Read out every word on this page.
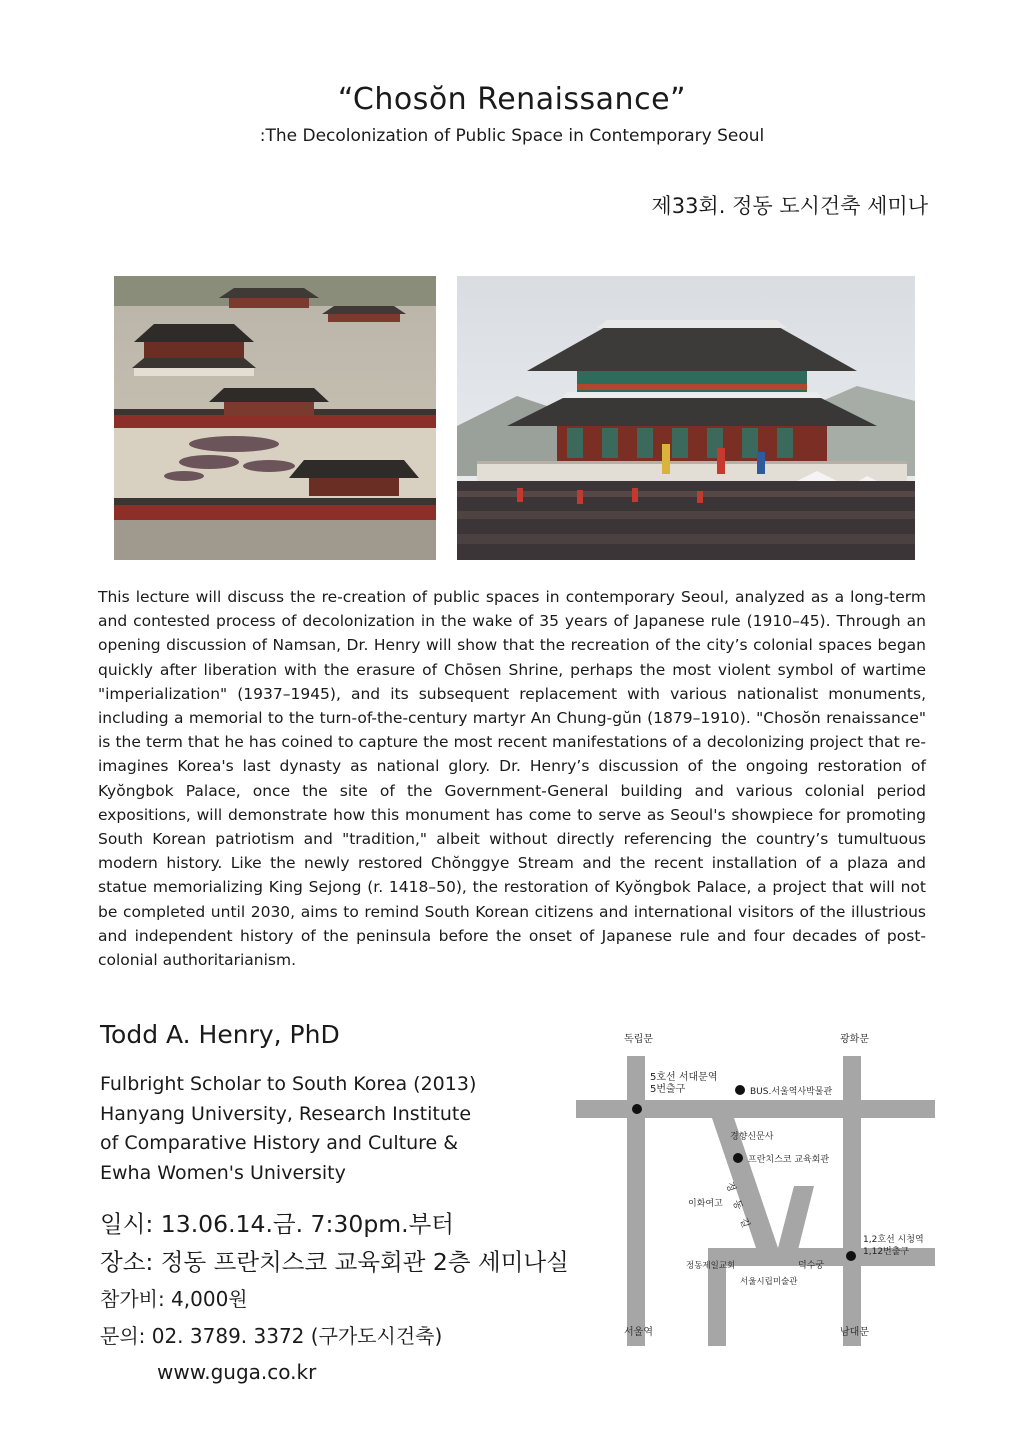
“Chosŏn Renaissance”
:The Decolonization of Public Space in Contemporary Seoul
제33회. 정동 도시건축 세미나
This lecture will discuss the re-creation of public spaces in contemporary Seoul, analyzed as a long-term and contested process of decolonization in the wake of 35 years of Japanese rule (1910–45). Through an opening discussion of Namsan, Dr. Henry will show that the recreation of the city’s colonial spaces began quickly after liberation with the erasure of Chōsen Shrine, perhaps the most violent symbol of wartime "imperialization" (1937–1945), and its subsequent replacement with various nationalist monuments, including a memorial to the turn-of-the-century martyr An Chung-gŭn (1879–1910). "Chosŏn renaissance" is the term that he has coined to capture the most recent manifestations of a decolonizing project that re-imagines Korea's last dynasty as national glory. Dr. Henry’s discussion of the ongoing restoration of Kyŏngbok Palace, once the site of the Government-General building and various colonial period expositions, will demonstrate how this monument has come to serve as Seoul's showpiece for promoting South Korean patriotism and "tradition," albeit without directly referencing the country’s tumultuous modern history. Like the newly restored Chŏnggye Stream and the recent installation of a plaza and statue memorializing King Sejong (r. 1418–50), the restoration of Kyŏngbok Palace, a project that will not be completed until 2030, aims to remind South Korean citizens and international visitors of the illustrious and independent history of the peninsula before the onset of Japanese rule and four decades of post-colonial authoritarianism.
Todd A. Henry, PhD
Fulbright Scholar to South Korea (2013)
Hanyang University, Research Institute
of Comparative History and Culture &
Ewha Women's University
일시: 13.06.14.금. 7:30pm.부터
장소: 정동 프란치스코 교육회관 2층 세미나실
참가비: 4,000원
문의: 02. 3789. 3372 (구가도시건축)
www.guga.co.kr
독립문	광화문
5호선 서대문역
5번출구	BUS.서울역사박물관
경향신문사
프란치스코 교육회관
이화여고
정
동
길
정동제일교회	덕수궁
1,2호선 시청역
1,12번출구
서울시립미술관
서울역	남대문
